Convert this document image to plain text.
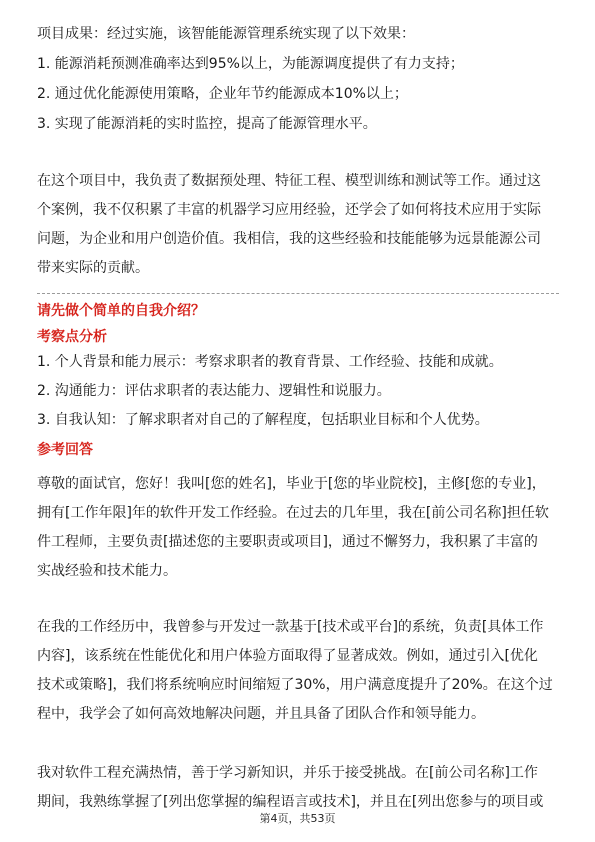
项目成果：经过实施，该智能能源管理系统实现了以下效果：
1. 能源消耗预测准确率达到95%以上，为能源调度提供了有力支持；
2. 通过优化能源使用策略，企业年节约能源成本10%以上；
3. 实现了能源消耗的实时监控，提高了能源管理水平。
在这个项目中，我负责了数据预处理、特征工程、模型训练和测试等工作。通过这
个案例，我不仅积累了丰富的机器学习应用经验，还学会了如何将技术应用于实际
问题，为企业和用户创造价值。我相信，我的这些经验和技能能够为远景能源公司
带来实际的贡献。
请先做个简单的自我介绍？
考察点分析
1. 个人背景和能力展示：考察求职者的教育背景、工作经验、技能和成就。
2. 沟通能力：评估求职者的表达能力、逻辑性和说服力。
3. 自我认知：了解求职者对自己的了解程度，包括职业目标和个人优势。
参考回答
尊敬的面试官，您好！我叫[您的姓名]，毕业于[您的毕业院校]，主修[您的专业]，
拥有[工作年限]年的软件开发工作经验。在过去的几年里，我在[前公司名称]担任软
件工程师，主要负责[描述您的主要职责或项目]，通过不懈努力，我积累了丰富的
实战经验和技术能力。
在我的工作经历中，我曾参与开发过一款基于[技术或平台]的系统，负责[具体工作
内容]，该系统在性能优化和用户体验方面取得了显著成效。例如，通过引入[优化
技术或策略]，我们将系统响应时间缩短了30%，用户满意度提升了20%。在这个过
程中，我学会了如何高效地解决问题，并且具备了团队合作和领导能力。
我对软件工程充满热情，善于学习新知识，并乐于接受挑战。在[前公司名称]工作
期间，我熟练掌握了[列出您掌握的编程语言或技术]，并且在[列出您参与的项目或
第4页，共53页
